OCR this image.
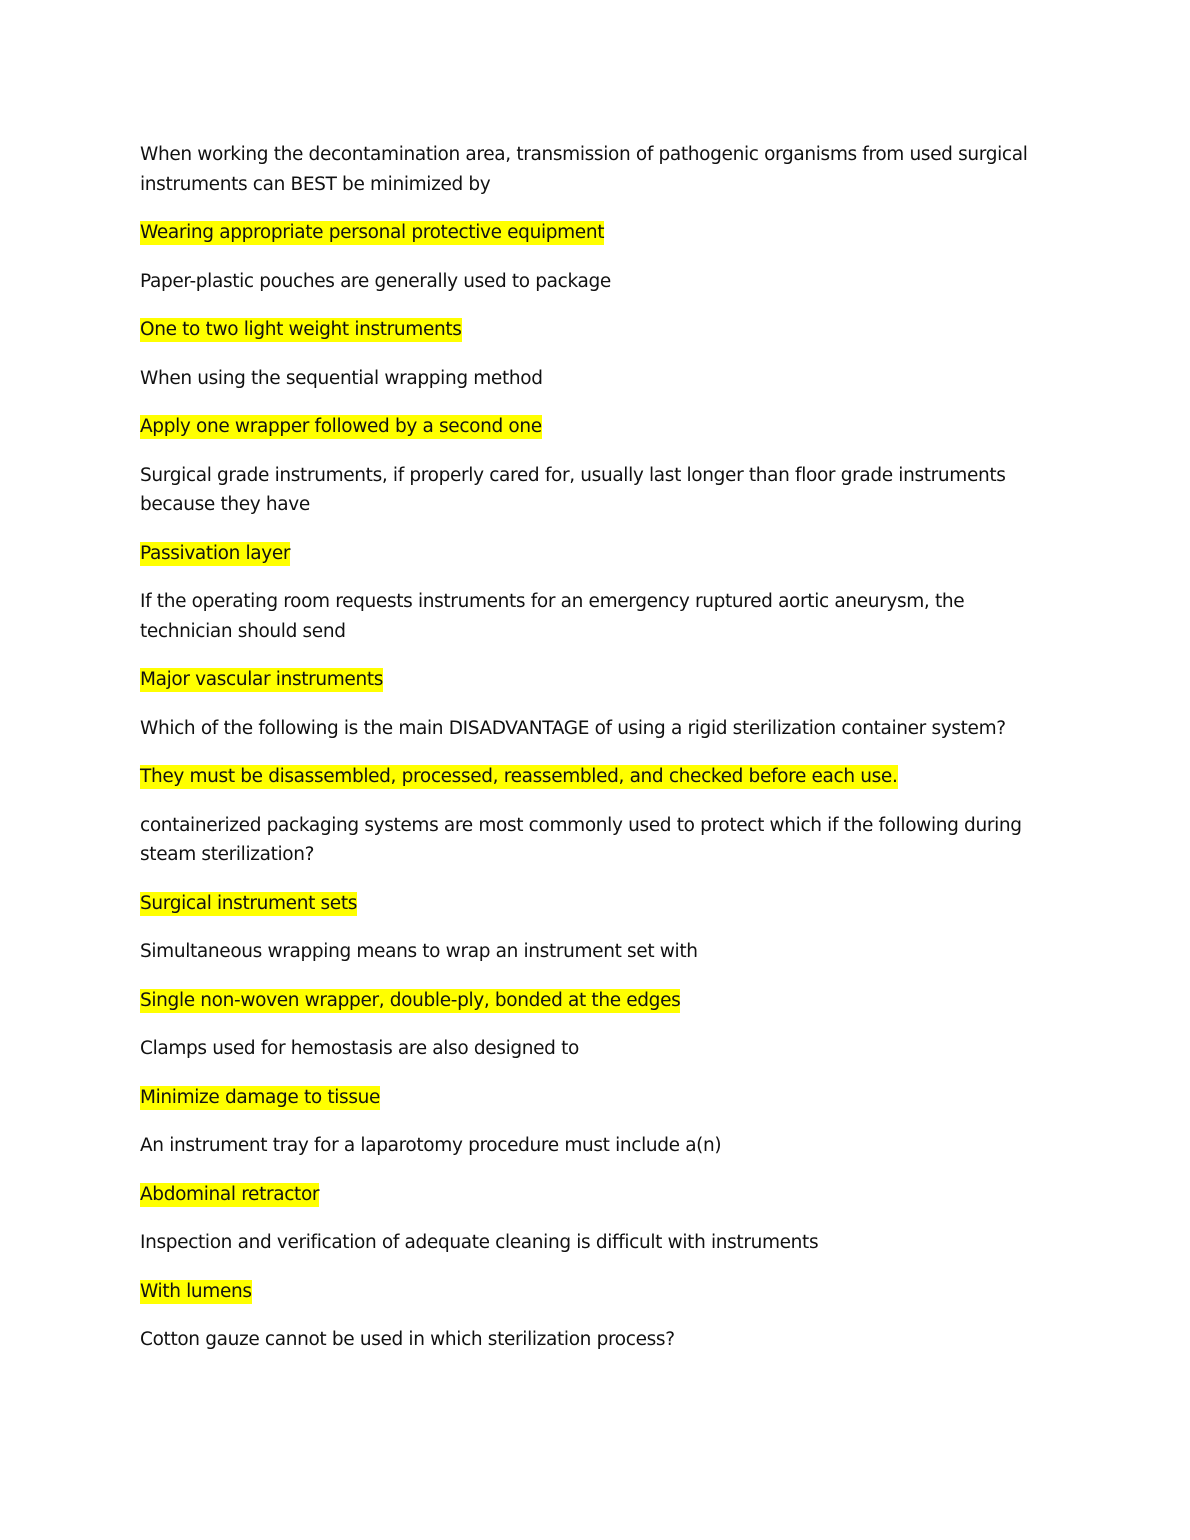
When working the decontamination area, transmission of pathogenic organisms from used surgical instruments can BEST be minimized by

Wearing appropriate personal protective equipment

Paper-plastic pouches are generally used to package

One to two light weight instruments

When using the sequential wrapping method

Apply one wrapper followed by a second one

Surgical grade instruments, if properly cared for, usually last longer than floor grade instruments because they have

Passivation layer

If the operating room requests instruments for an emergency ruptured aortic aneurysm, the technician should send

Major vascular instruments

Which of the following is the main DISADVANTAGE of using a rigid sterilization container system?

They must be disassembled, processed, reassembled, and checked before each use.

containerized packaging systems are most commonly used to protect which if the following during steam sterilization?

Surgical instrument sets

Simultaneous wrapping means to wrap an instrument set with

Single non-woven wrapper, double-ply, bonded at the edges

Clamps used for hemostasis are also designed to

Minimize damage to tissue

An instrument tray for a laparotomy procedure must include a(n)

Abdominal retractor

Inspection and verification of adequate cleaning is difficult with instruments

With lumens

Cotton gauze cannot be used in which sterilization process?
